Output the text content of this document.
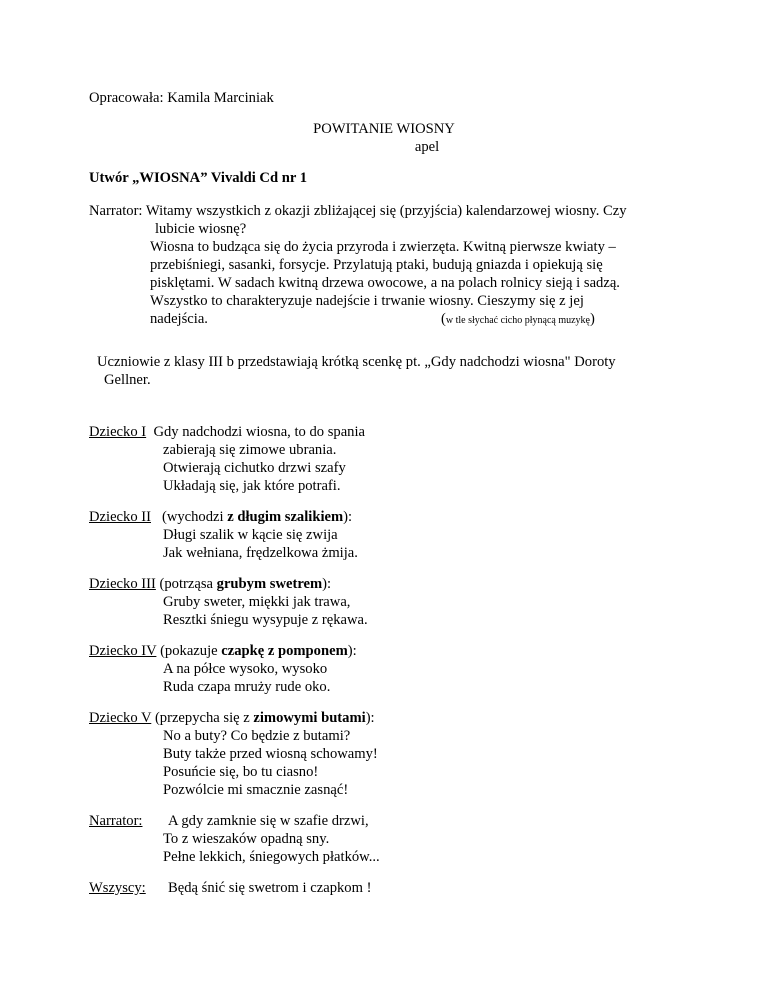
Opracowała: Kamila Marciniak
POWITANIE WIOSNY
apel
Utwór „WIOSNA” Vivaldi Cd nr 1
Narrator: Witamy wszystkich z okazji zbliżającej się (przyjścia) kalendarzowej wiosny. Czy
lubicie wiosnę?
Wiosna to budząca się do życia przyroda i zwierzęta. Kwitną pierwsze kwiaty –
przebiśniegi, sasanki, forsycje. Przylatują ptaki, budują gniazda i opiekują się
pisklętami. W sadach kwitną drzewa owocowe, a na polach rolnicy sieją i sadzą.
Wszystko to charakteryzuje nadejście i trwanie wiosny. Cieszymy się z jej
nadejścia.	(w tle słychać cicho płynącą muzykę)
Uczniowie z klasy III b przedstawiają krótką scenkę pt. „Gdy nadchodzi wiosna" Doroty
Gellner.
Dziecko I Gdy nadchodzi wiosna, to do spania
zabierają się zimowe ubrania.
Otwierają cichutko drzwi szafy
Układają się, jak które potrafi.
Dziecko II (wychodzi z długim szalikiem):
Długi szalik w kącie się zwija
Jak wełniana, frędzelkowa żmija.
Dziecko III (potrząsa grubym swetrem):
Gruby sweter, miękki jak trawa,
Resztki śniegu wysypuje z rękawa.
Dziecko IV (pokazuje czapkę z pomponem):
A na półce wysoko, wysoko
Ruda czapa mruży rude oko.
Dziecko V (przepycha się z zimowymi butami):
No a buty? Co będzie z butami?
Buty także przed wiosną schowamy!
Posuńcie się, bo tu ciasno!
Pozwólcie mi smacznie zasnąć!
Narrator: A gdy zamknie się w szafie drzwi,
To z wieszaków opadną sny.
Pełne lekkich, śniegowych płatków...
Wszyscy: Będą śnić się swetrom i czapkom !
